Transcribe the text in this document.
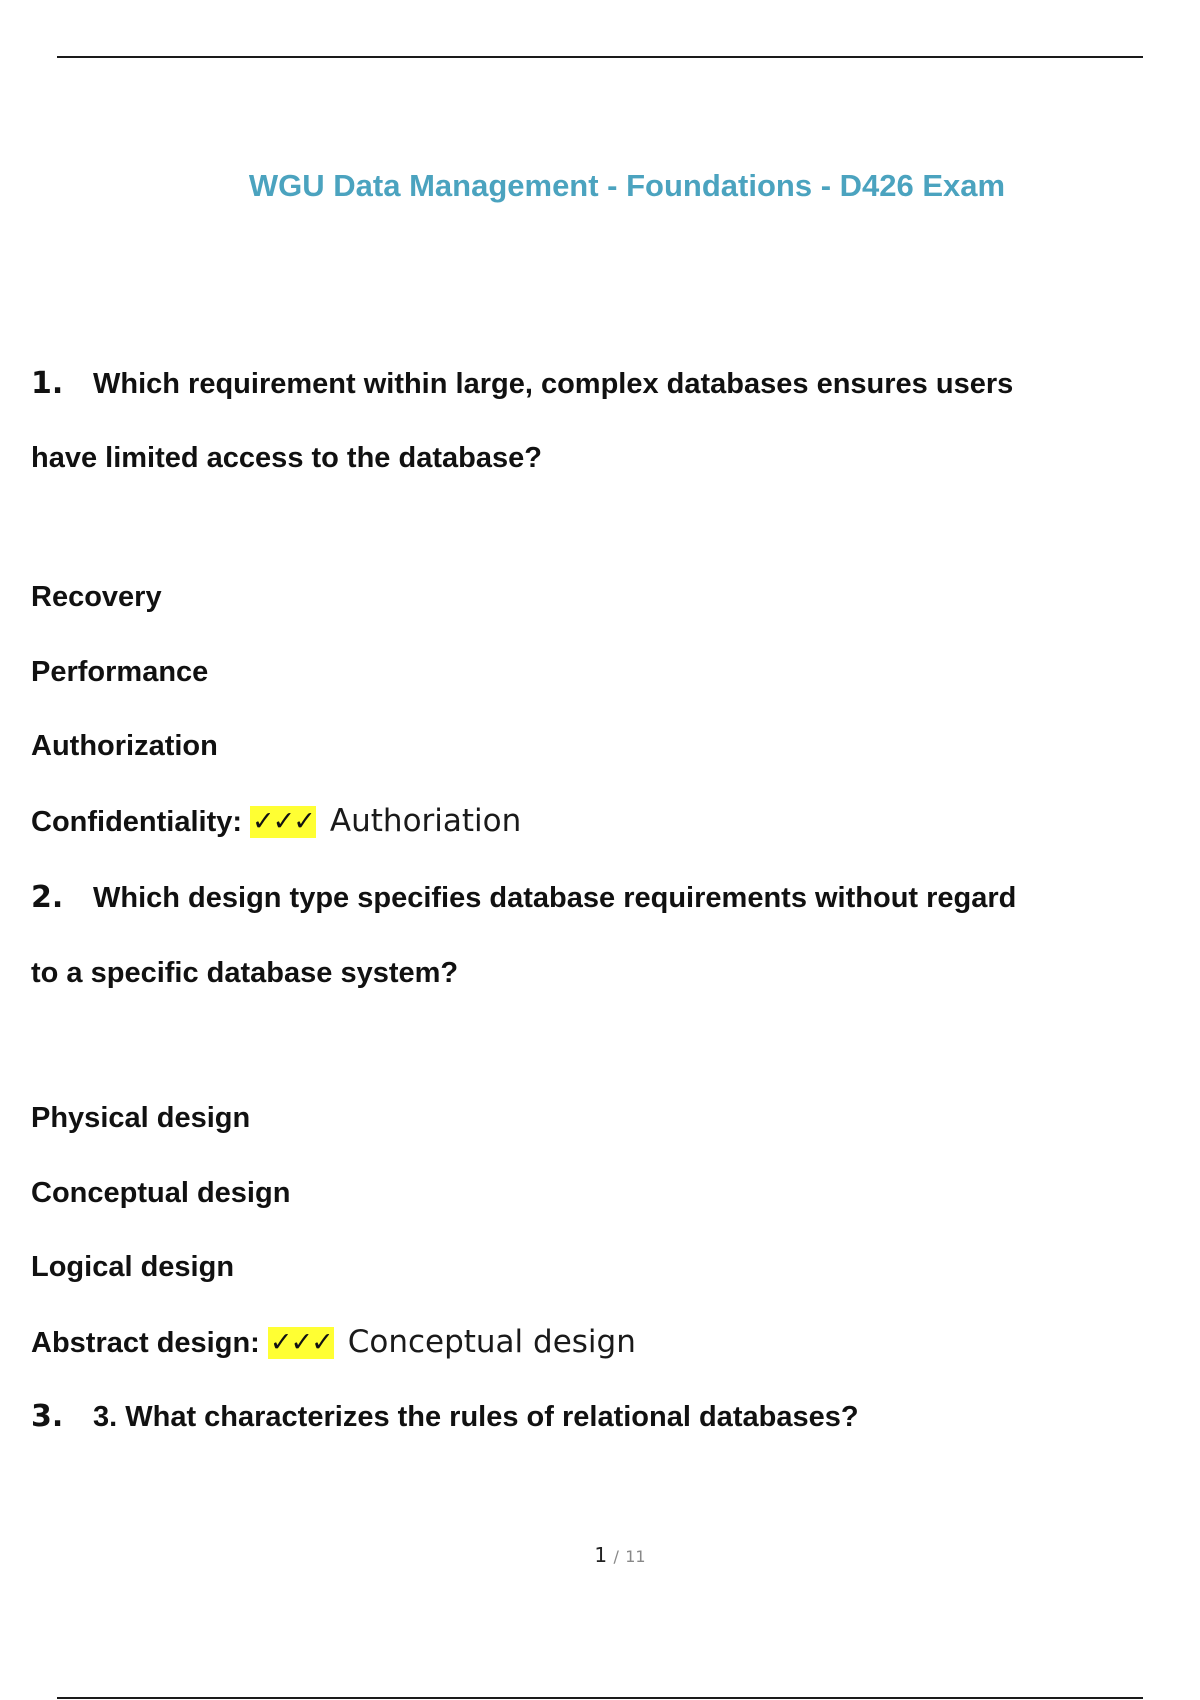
WGU Data Management - Foundations - D426 Exam
1. Which requirement within large, complex databases ensures users
have limited access to the database?
Recovery
Performance
Authorization
Confidentiality: ✓✓✓ Authoriation
2. Which design type specifies database requirements without regard
to a specific database system?
Physical design
Conceptual design
Logical design
Abstract design: ✓✓✓ Conceptual design
3. 3. What characterizes the rules of relational databases?
1 / 11
